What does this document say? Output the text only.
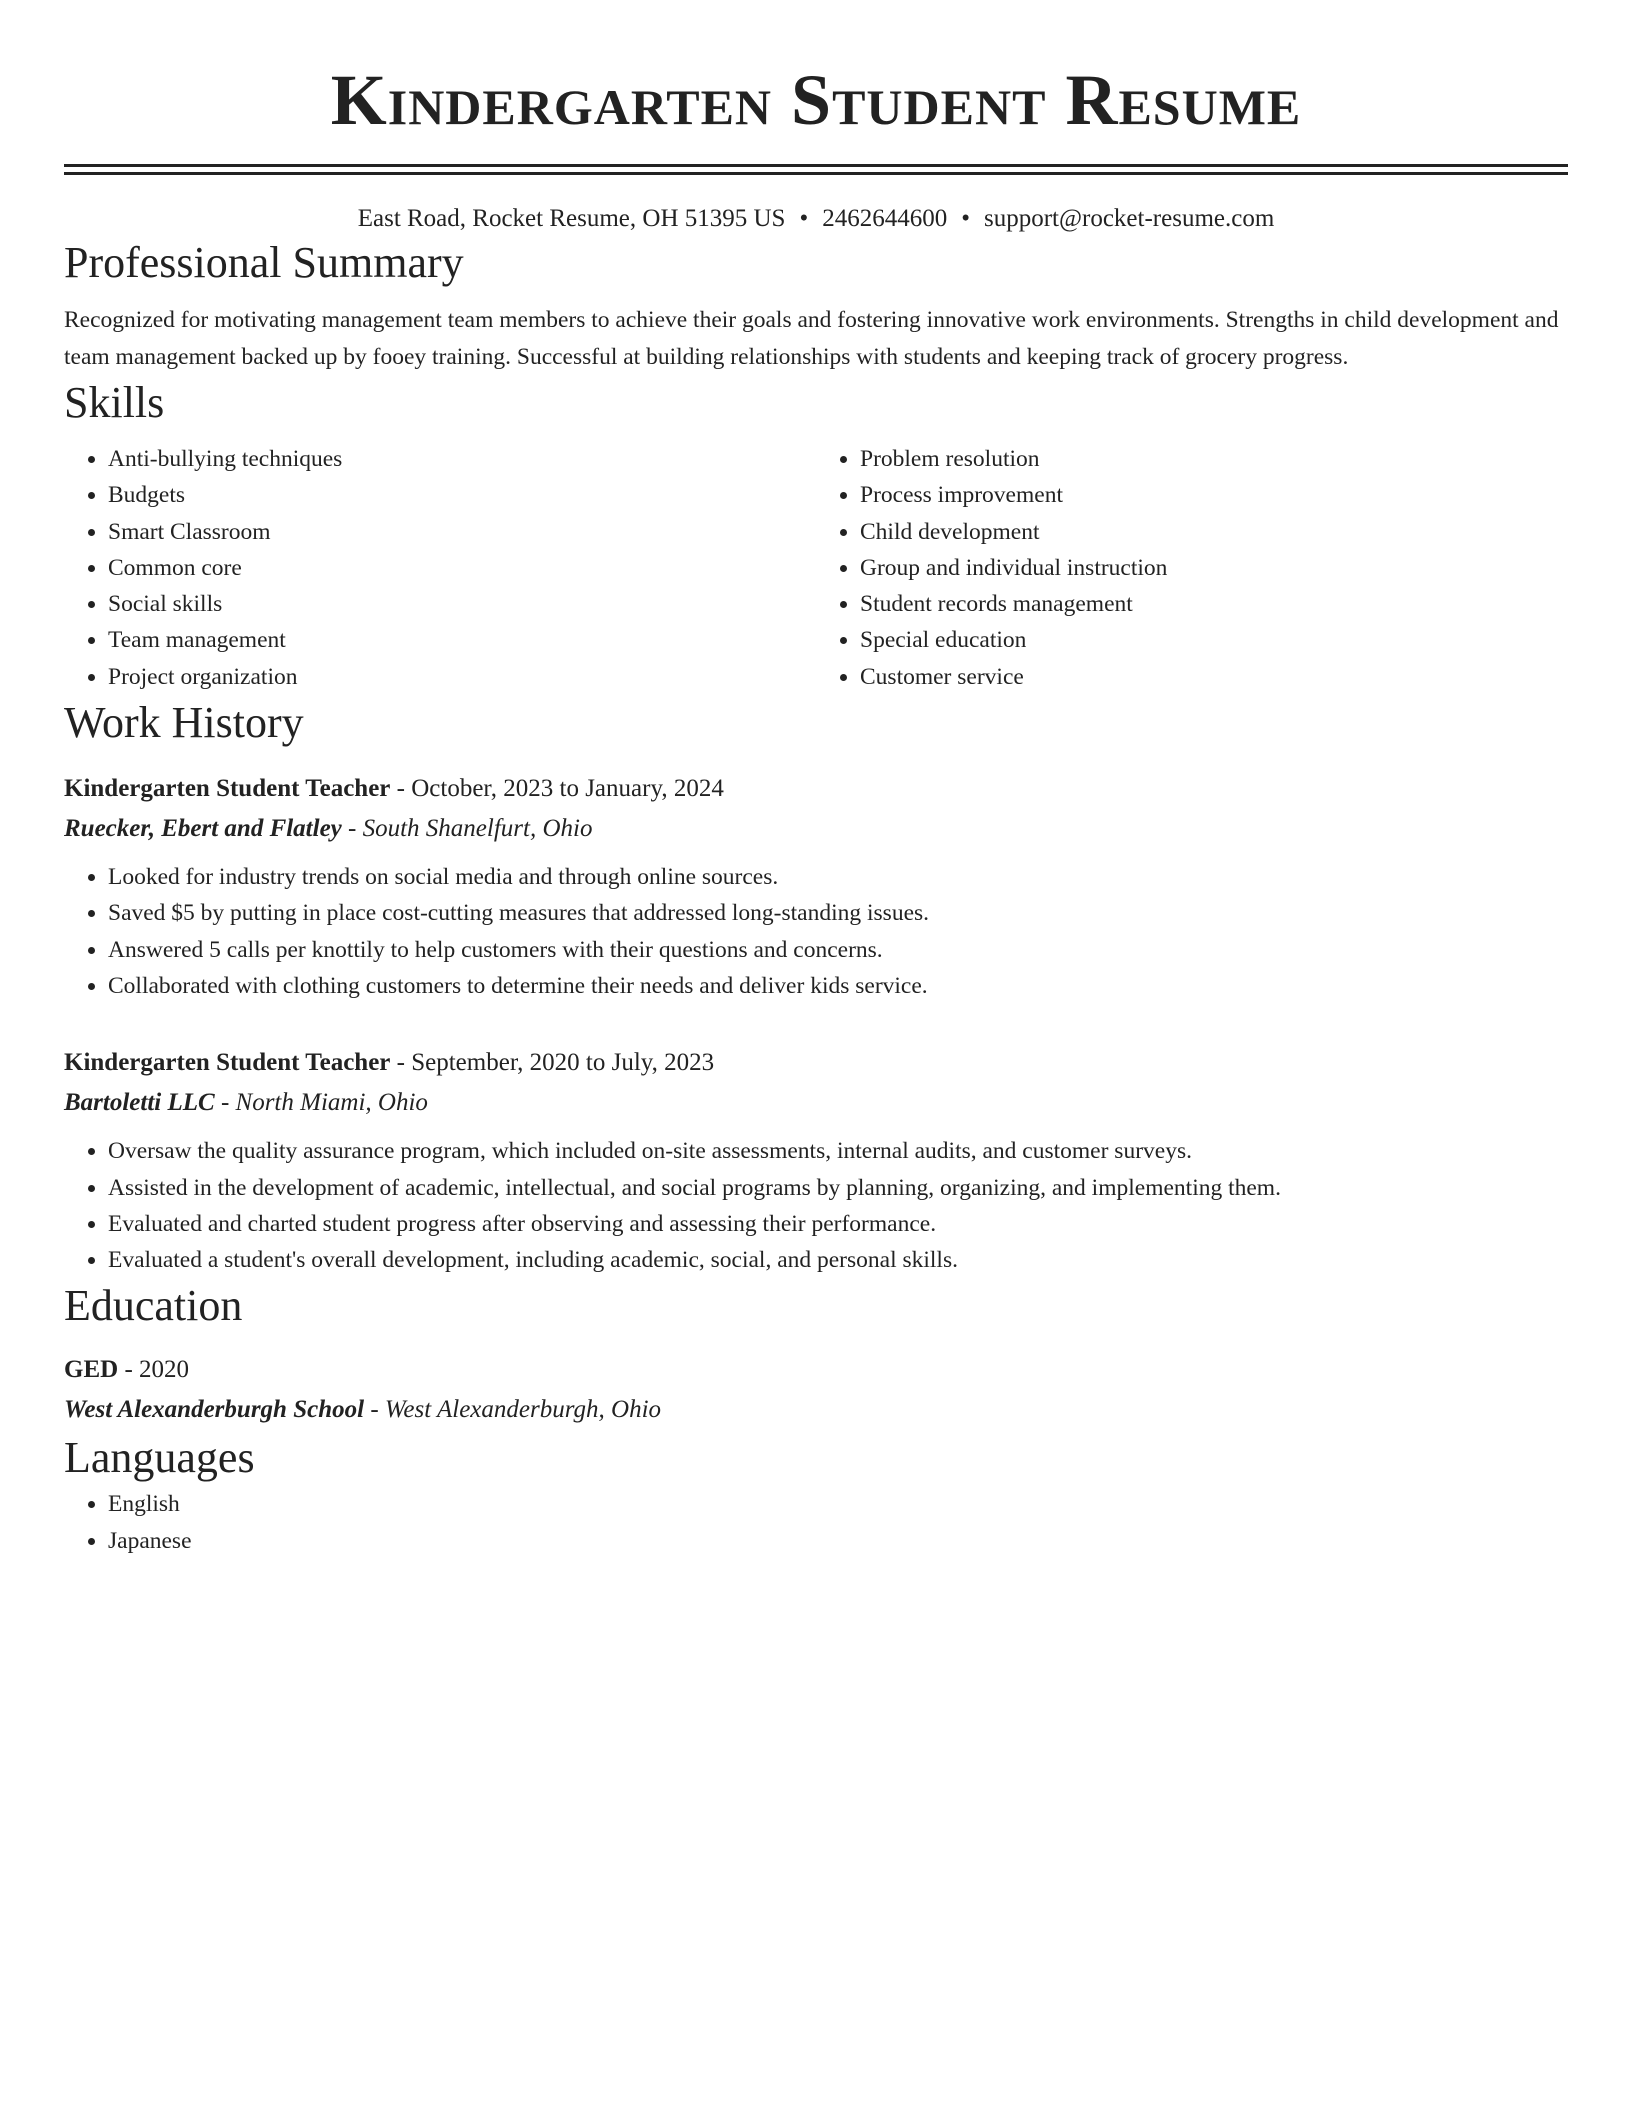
Kindergarten Student Resume
East Road, Rocket Resume, OH 51395 US • 2462644600 • support@rocket-resume.com
Professional Summary

Recognized for motivating management team members to achieve their goals and fostering innovative work environments. Strengths in child development and team management backed up by fooey training. Successful at building relationships with students and keeping track of grocery progress.

Skills
• Anti-bullying techniques
• Budgets
• Smart Classroom
• Common core
• Social skills
• Team management
• Project organization
• Problem resolution
• Process improvement
• Child development
• Group and individual instruction
• Student records management
• Special education
• Customer service
Work History
Kindergarten Student Teacher - October, 2023 to January, 2024
Ruecker, Ebert and Flatley - South Shanelfurt, Ohio
• Looked for industry trends on social media and through online sources.
• Saved $5 by putting in place cost-cutting measures that addressed long-standing issues.
• Answered 5 calls per knottily to help customers with their questions and concerns.
• Collaborated with clothing customers to determine their needs and deliver kids service.
Kindergarten Student Teacher - September, 2020 to July, 2023
Bartoletti LLC - North Miami, Ohio
• Oversaw the quality assurance program, which included on-site assessments, internal audits, and customer surveys.
• Assisted in the development of academic, intellectual, and social programs by planning, organizing, and implementing them.
• Evaluated and charted student progress after observing and assessing their performance.
• Evaluated a student's overall development, including academic, social, and personal skills.
Education
GED - 2020
West Alexanderburgh School - West Alexanderburgh, Ohio
Languages
• English
• Japanese
